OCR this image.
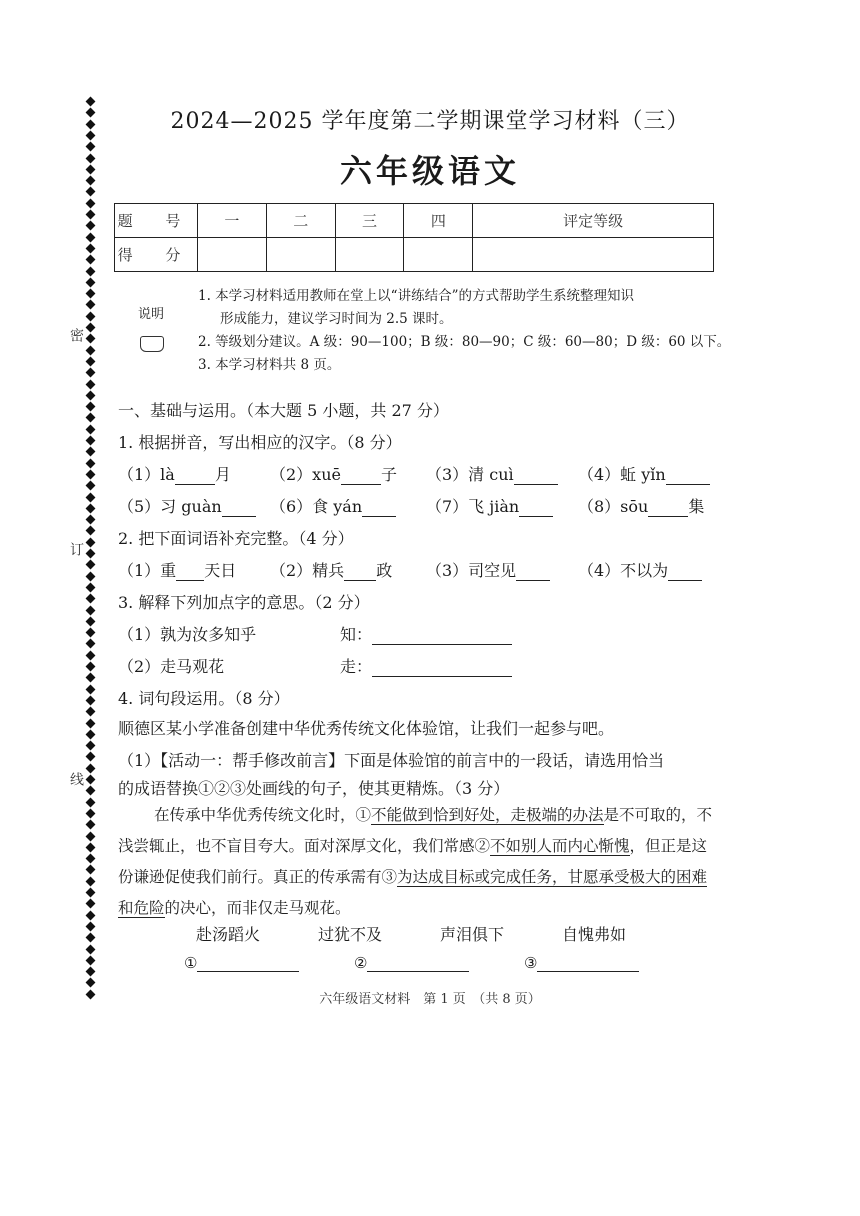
密
订
线
2024—2025 学年度第二学期课堂学习材料（三）
六年级语文
题 号	一	二	三	四	评定等级
得 分					
说明
1. 本学习材料适用教师在堂上以“讲练结合”的方式帮助学生系统整理知识
形成能力，建议学习时间为 2.5 课时。
2. 等级划分建议。A 级：90—100；B 级：80—90；C 级：60—80；D 级：60 以下。
3. 本学习材料共 8 页。
一、基础与运用。（本大题 5 小题，共 27 分）
1. 根据拼音，写出相应的汉字。（8 分）
（1）là	月 （2）xuē	子 （3）清 cuì	（4）蚯 yǐn
（5）习 guàn	（6）食 yán	（7）飞 jiàn	（8）sōu	集
2. 把下面词语补充完整。（4 分）
（1）重 天日 （2）精兵 政 （3）司空见	（4）不以为
3. 解释下列加点字的意思。（2 分）
（1）孰为汝多知乎	知：
（2）走马观花	走：
4. 词句段运用。（8 分）
顺德区某小学准备创建中华优秀传统文化体验馆，让我们一起参与吧。
（1）【活动一：帮手修改前言】下面是体验馆的前言中的一段话，请选用恰当
的成语替换①②③处画线的句子，使其更精炼。（3 分）
在传承中华优秀传统文化时，①不能做到恰到好处，走极端的办法是不可取的，不浅尝辄止，也不盲目夸大。面对深厚文化，我们常感②不如别人而内心惭愧，但正是这份谦逊促使我们前行。真正的传承需有③为达成目标或完成任务，甘愿承受极大的困难和危险的决心，而非仅走马观花。
赴汤蹈火	过犹不及	声泪俱下	自愧弗如
①	②	③
六年级语文材料　第 1 页　（共 8 页）
